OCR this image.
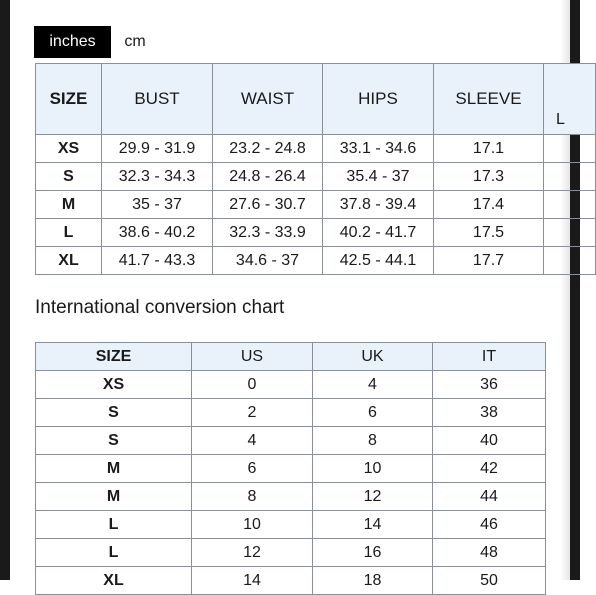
inches	cm
SIZE	BUST	WAIST	HIPS	SLEEVE	L

XS	29.9 - 31.9	23.2 - 24.8	33.1 - 34.6	17.1	
S	32.3 - 34.3	24.8 - 26.4	35.4 - 37	17.3	
M	35 - 37	27.6 - 30.7	37.8 - 39.4	17.4	
L	38.6 - 40.2	32.3 - 33.9	40.2 - 41.7	17.5	
XL	41.7 - 43.3	34.6 - 37	42.5 - 44.1	17.7	
International conversion chart
SIZE	US	UK	IT
XS	0	4	36
S	2	6	38
S	4	8	40
M	6	10	42
M	8	12	44
L	10	14	46
L	12	16	48
XL	14	18	50
